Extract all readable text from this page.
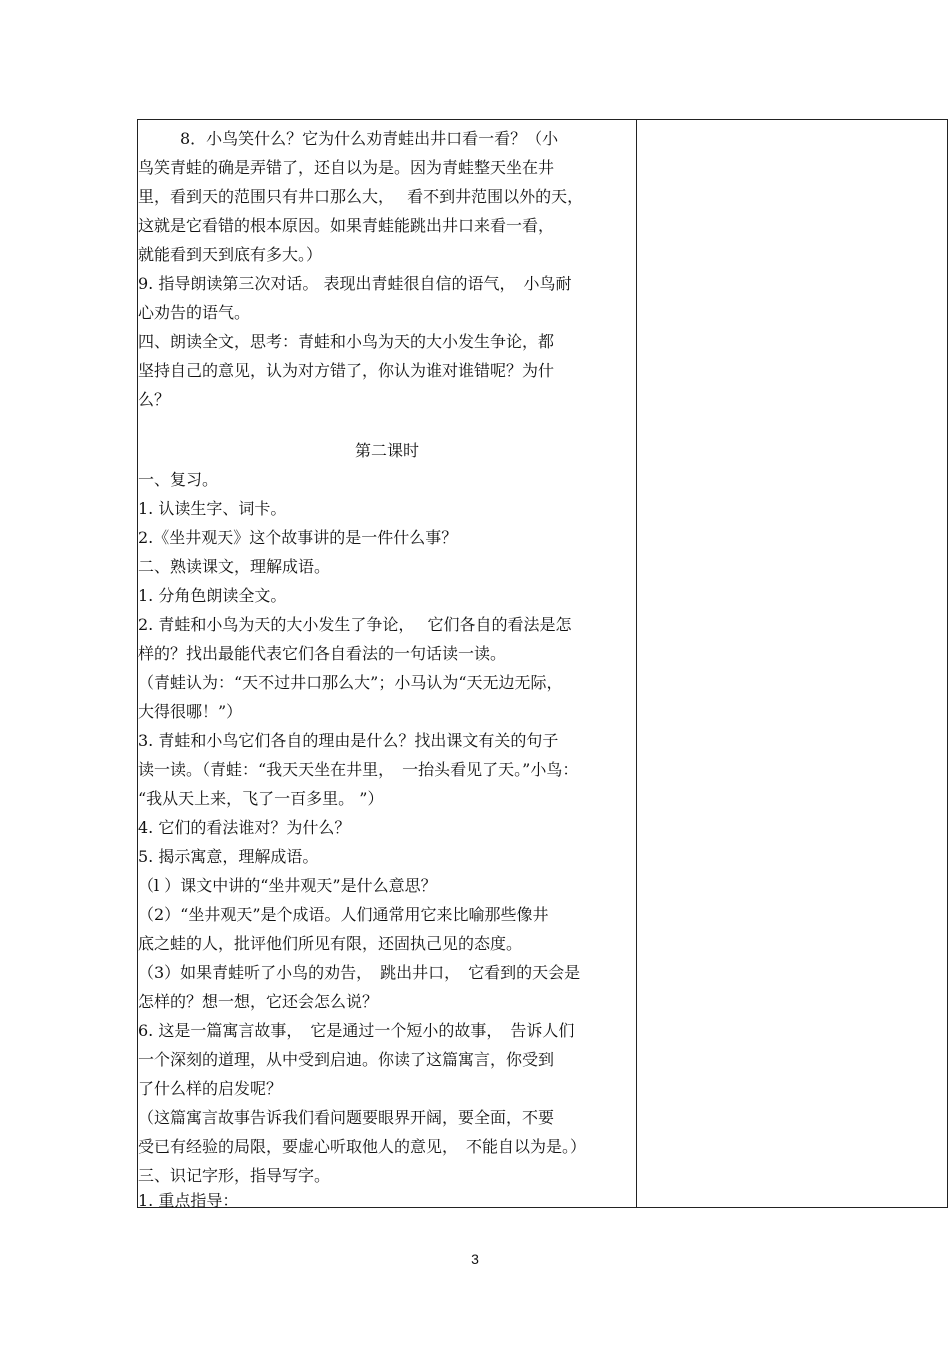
8．小鸟笑什么？它为什么劝青蛙出井口看一看？（小
鸟笑青蛙的确是弄错了，还自以为是。因为青蛙整天坐在井
里，看到天的范围只有井口那么大，　 看不到井范围以外的天，
这就是它看错的根本原因。如果青蛙能跳出井口来看一看，
就能看到天到底有多大。）
9. 指导朗读第三次对话。 表现出青蛙很自信的语气，　小鸟耐
心劝告的语气。
四、朗读全文，思考：青蛙和小鸟为天的大小发生争论，都
坚持自己的意见，认为对方错了，你认为谁对谁错呢？为什
么？
第二课时
一、复习。
1. 认读生字、词卡。
2.《坐井观天》这个故事讲的是一件什么事？
二、熟读课文，理解成语。
1. 分角色朗读全文。
2. 青蛙和小鸟为天的大小发生了争论，　 它们各自的看法是怎
样的？找出最能代表它们各自看法的一句话读一读。
（青蛙认为：“天不过井口那么大”；小马认为“天无边无际，
大得很哪！”）
3. 青蛙和小鸟它们各自的理由是什么？找出课文有关的句子
读一读。（青蛙：“我天天坐在井里，　一抬头看见了天。”小鸟：
“我从天上来，飞了一百多里。 ”）
4. 它们的看法谁对？为什么？
5. 揭示寓意，理解成语。
（l ）课文中讲的“坐井观天”是什么意思？
（2）“坐井观天”是个成语。人们通常用它来比喻那些像井
底之蛙的人，批评他们所见有限，还固执己见的态度。
（3）如果青蛙听了小鸟的劝告，　跳出井口，　它看到的天会是
怎样的？想一想，它还会怎么说？
6. 这是一篇寓言故事，　它是通过一个短小的故事，　告诉人们
一个深刻的道理，从中受到启迪。你读了这篇寓言，你受到
了什么样的启发呢？
（这篇寓言故事告诉我们看问题要眼界开阔，要全面，不要
受已有经验的局限，要虚心听取他人的意见，　不能自以为是。）
三、识记字形，指导写字。
1. 重点指导：
3
